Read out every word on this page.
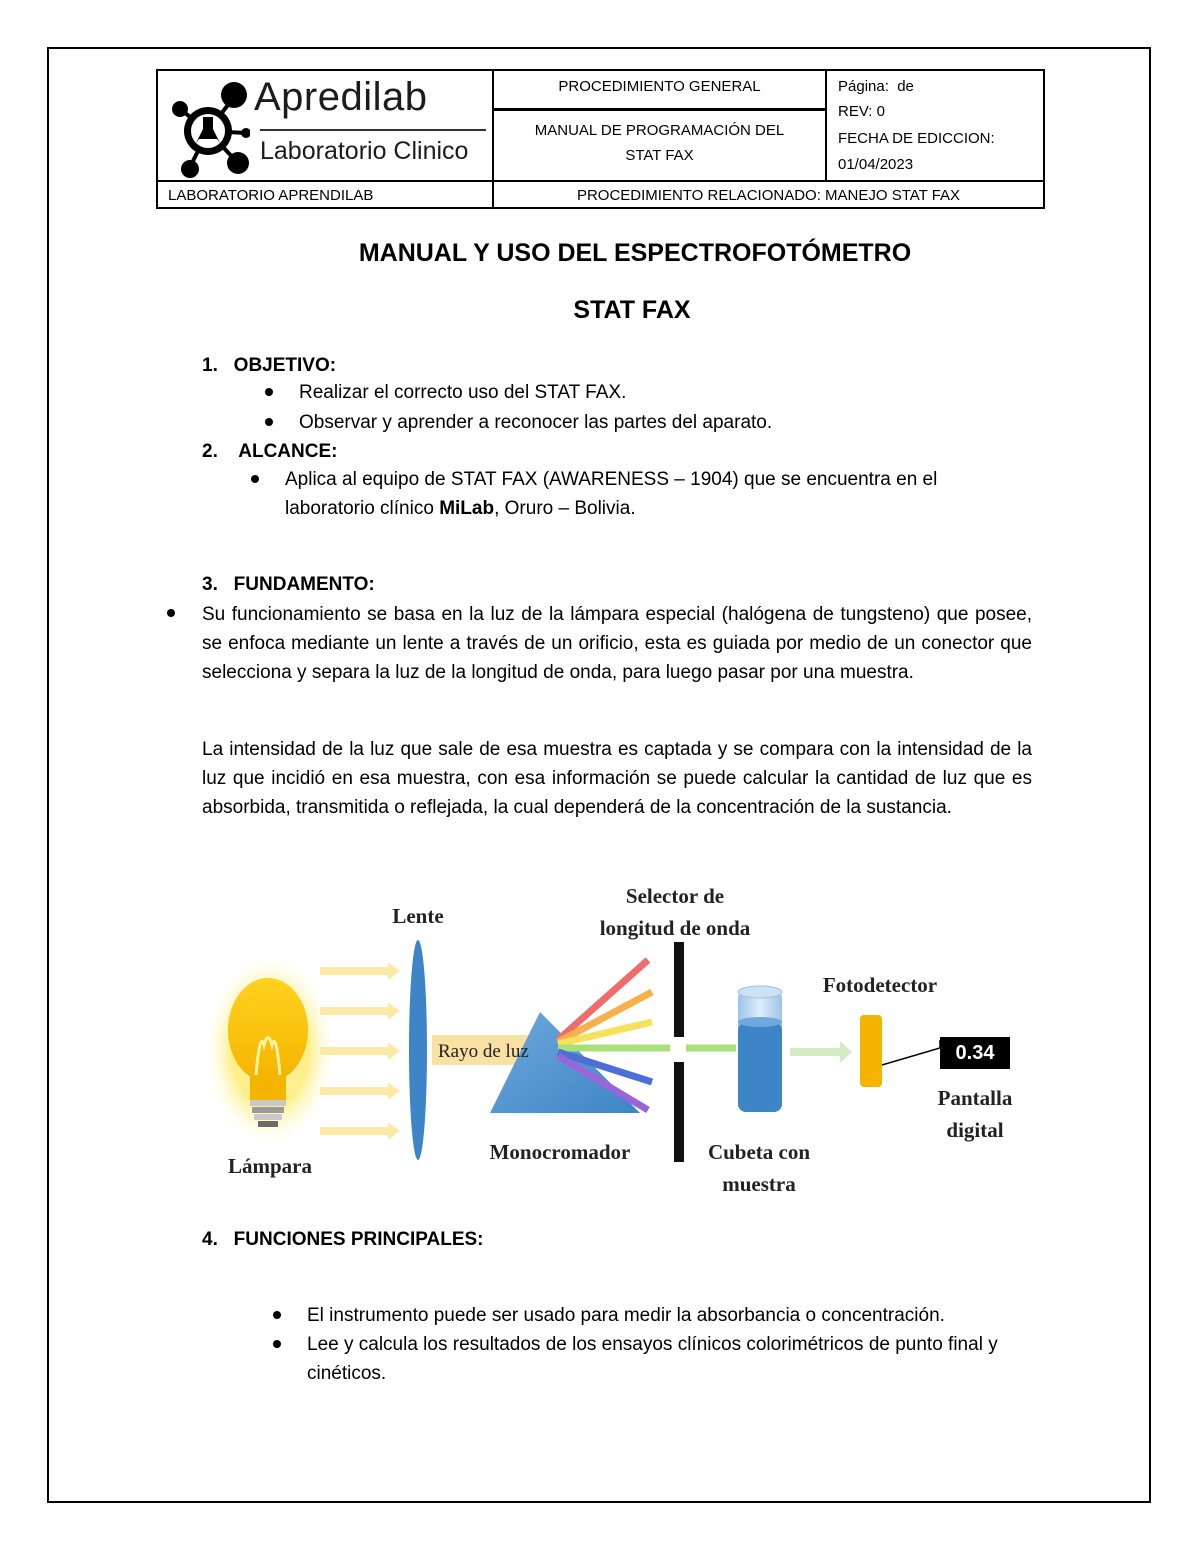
Apredilab
Laboratorio Clinico
PROCEDIMIENTO GENERAL
MANUAL DE PROGRAMACIÓN DEL
STAT FAX
Página:  de
REV: 0
FECHA DE EDICCION:
01/04/2023
LABORATORIO APRENDILAB	PROCEDIMIENTO RELACIONADO: MANEJO STAT FAX
MANUAL Y USO DEL ESPECTROFOTÓMETRO
STAT FAX
1.   OBJETIVO:
Realizar el correcto uso del STAT FAX.
Observar y aprender a reconocer las partes del aparato.
2.    ALCANCE:
Aplica al equipo de STAT FAX (AWARENESS – 1904) que se encuentra en el
laboratorio clínico MiLab, Oruro – Bolivia.
3.   FUNDAMENTO:
Su funcionamiento se basa en la luz de la lámpara especial (halógena de tungsteno) que posee, se enfoca mediante un lente a través de un orificio, esta es guiada por medio de un conector que selecciona y separa la luz de la longitud de onda, para luego pasar por una muestra.
La intensidad de la luz que sale de esa muestra es captada y se compara con la intensidad de la luz que incidió en esa muestra, con esa información se puede calcular la cantidad de luz que es absorbida, transmitida o reflejada, la cual dependerá de la concentración de la sustancia.
Lente
Selector de
longitud de onda
Fotodetector
Rayo de luz	0.34
Pantalla
digital
Lámpara
Monocromador	Cubeta con
muestra
4.   FUNCIONES PRINCIPALES:
El instrumento puede ser usado para medir la absorbancia o concentración.
Lee y calcula los resultados de los ensayos clínicos colorimétricos de punto final y cinéticos.
